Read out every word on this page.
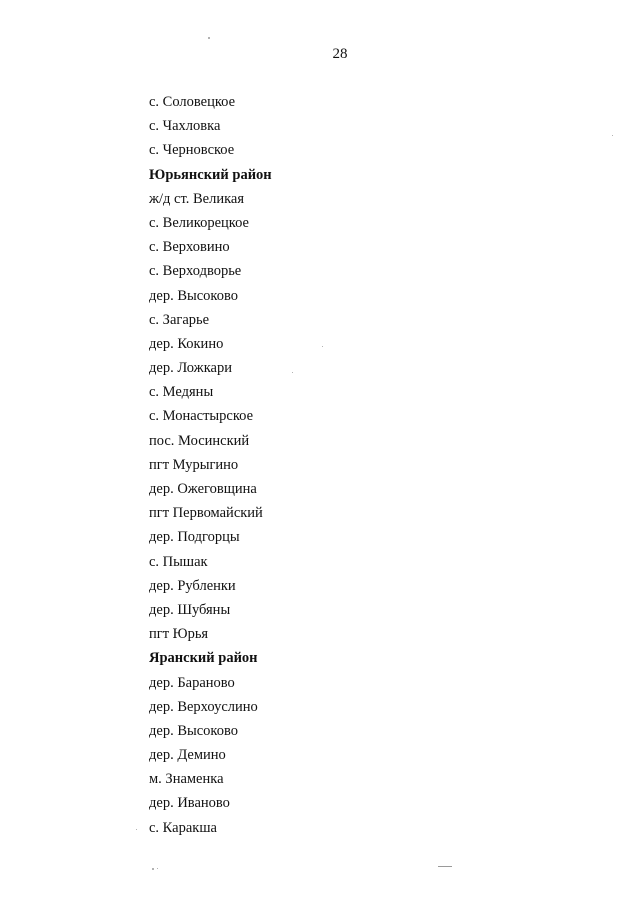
28
с. Соловецкое
с. Чахловка
с. Черновское
Юрьянский район
ж/д ст. Великая
с. Великорецкое
с. Верховино
с. Верходворье
дер. Высоково
с. Загарье
дер. Кокино
дер. Ложкари
с. Медяны
с. Монастырское
пос. Мосинский
пгт Мурыгино
дер. Ожеговщина
пгт Первомайский
дер. Подгорцы
с. Пышак
дер. Рубленки
дер. Шубяны
пгт Юрья
Яранский район
дер. Бараново
дер. Верхоуслино
дер. Высоково
дер. Демино
м. Знаменка
дер. Иваново
с. Каракша
